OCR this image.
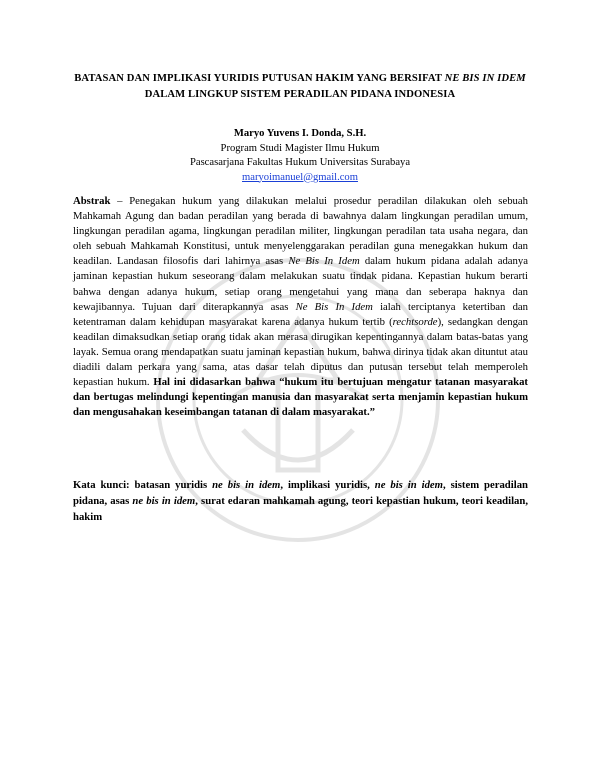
BATASAN DAN IMPLIKASI YURIDIS PUTUSAN HAKIM YANG BERSIFAT NE BIS IN IDEM DALAM LINGKUP SISTEM PERADILAN PIDANA INDONESIA
Maryo Yuvens I. Donda, S.H.
Program Studi Magister Ilmu Hukum
Pascasarjana Fakultas Hukum Universitas Surabaya
maryoimanuel@gmail.com
Abstrak – Penegakan hukum yang dilakukan melalui prosedur peradilan dilakukan oleh sebuah Mahkamah Agung dan badan peradilan yang berada di bawahnya dalam lingkungan peradilan umum, lingkungan peradilan agama, lingkungan peradilan militer, lingkungan peradilan tata usaha negara, dan oleh sebuah Mahkamah Konstitusi, untuk menyelenggarakan peradilan guna menegakkan hukum dan keadilan. Landasan filosofis dari lahirnya asas Ne Bis In Idem dalam hukum pidana adalah adanya jaminan kepastian hukum seseorang dalam melakukan suatu tindak pidana. Kepastian hukum berarti bahwa dengan adanya hukum, setiap orang mengetahui yang mana dan seberapa haknya dan kewajibannya. Tujuan dari diterapkannya asas Ne Bis In Idem ialah terciptanya ketertiban dan ketentraman dalam kehidupan masyarakat karena adanya hukum tertib (rechtsorde), sedangkan dengan keadilan dimaksudkan setiap orang tidak akan merasa dirugikan kepentingannya dalam batas-batas yang layak. Semua orang mendapatkan suatu jaminan kepastian hukum, bahwa dirinya tidak akan dituntut atau diadili dalam perkara yang sama, atas dasar telah diputus dan putusan tersebut telah memperoleh kepastian hukum. Hal ini didasarkan bahwa “hukum itu bertujuan mengatur tatanan masyarakat dan bertugas melindungi kepentingan manusia dan masyarakat serta menjamin kepastian hukum dan mengusahakan keseimbangan tatanan di dalam masyarakat.”
Kata kunci: batasan yuridis ne bis in idem, implikasi yuridis, ne bis in idem, sistem peradilan pidana, asas ne bis in idem, surat edaran mahkamah agung, teori kepastian hukum, teori keadilan, hakim
